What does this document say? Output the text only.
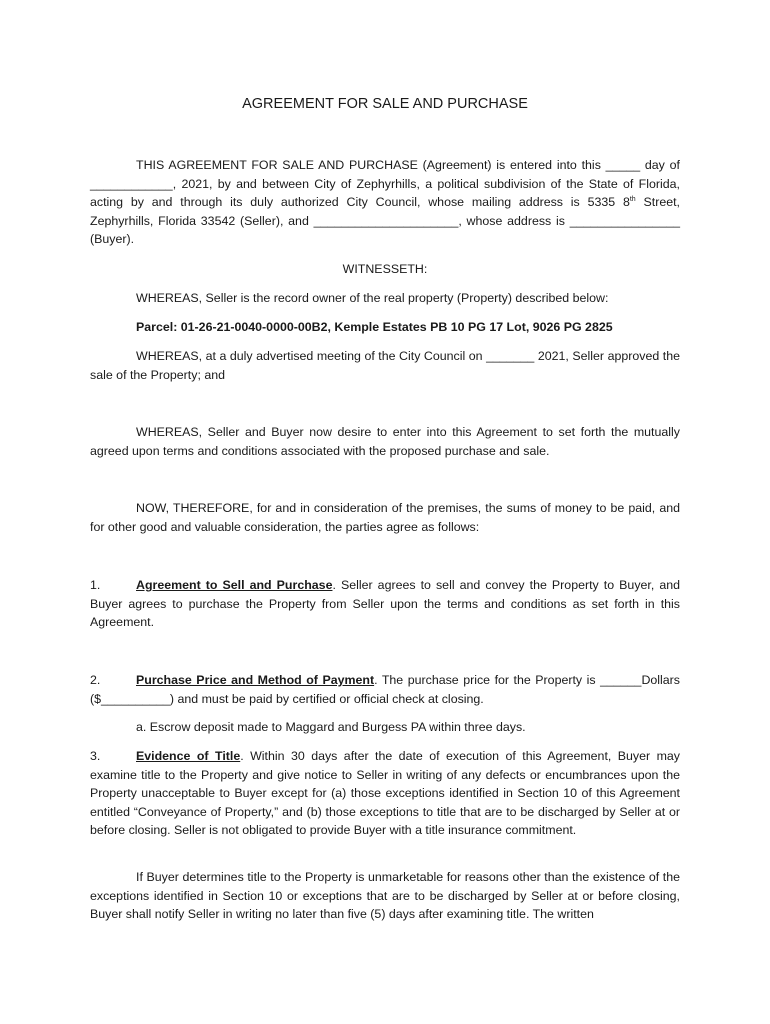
AGREEMENT FOR SALE AND PURCHASE

THIS AGREEMENT FOR SALE AND PURCHASE (Agreement) is entered into this _____ day of ____________, 2021, by and between City of Zephyrhills, a political subdivision of the State of Florida, acting by and through its duly authorized City Council, whose mailing address is 5335 8th Street, Zephyrhills, Florida 33542 (Seller), and _____________________, whose address is ________________ (Buyer).

WITNESSETH:

WHEREAS, Seller is the record owner of the real property (Property) described below:

Parcel: 01-26-21-0040-0000-00B2, Kemple Estates PB 10 PG 17 Lot, 9026 PG 2825

WHEREAS, at a duly advertised meeting of the City Council on _______ 2021, Seller approved the sale of the Property; and

WHEREAS, Seller and Buyer now desire to enter into this Agreement to set forth the mutually agreed upon terms and conditions associated with the proposed purchase and sale.

NOW, THEREFORE, for and in consideration of the premises, the sums of money to be paid, and for other good and valuable consideration, the parties agree as follows:

1.	Agreement to Sell and Purchase. Seller agrees to sell and convey the Property to Buyer, and Buyer agrees to purchase the Property from Seller upon the terms and conditions as set forth in this Agreement.

2.	Purchase Price and Method of Payment. The purchase price for the Property is ______Dollars ($__________) and must be paid by certified or official check at closing.

a. Escrow deposit made to Maggard and Burgess PA within three days.

3.	Evidence of Title. Within 30 days after the date of execution of this Agreement, Buyer may examine title to the Property and give notice to Seller in writing of any defects or encumbrances upon the Property unacceptable to Buyer except for (a) those exceptions identified in Section 10 of this Agreement entitled “Conveyance of Property,” and (b) those exceptions to title that are to be discharged by Seller at or before closing. Seller is not obligated to provide Buyer with a title insurance commitment.

If Buyer determines title to the Property is unmarketable for reasons other than the existence of the exceptions identified in Section 10 or exceptions that are to be discharged by Seller at or before closing, Buyer shall notify Seller in writing no later than five (5) days after examining title. The written
